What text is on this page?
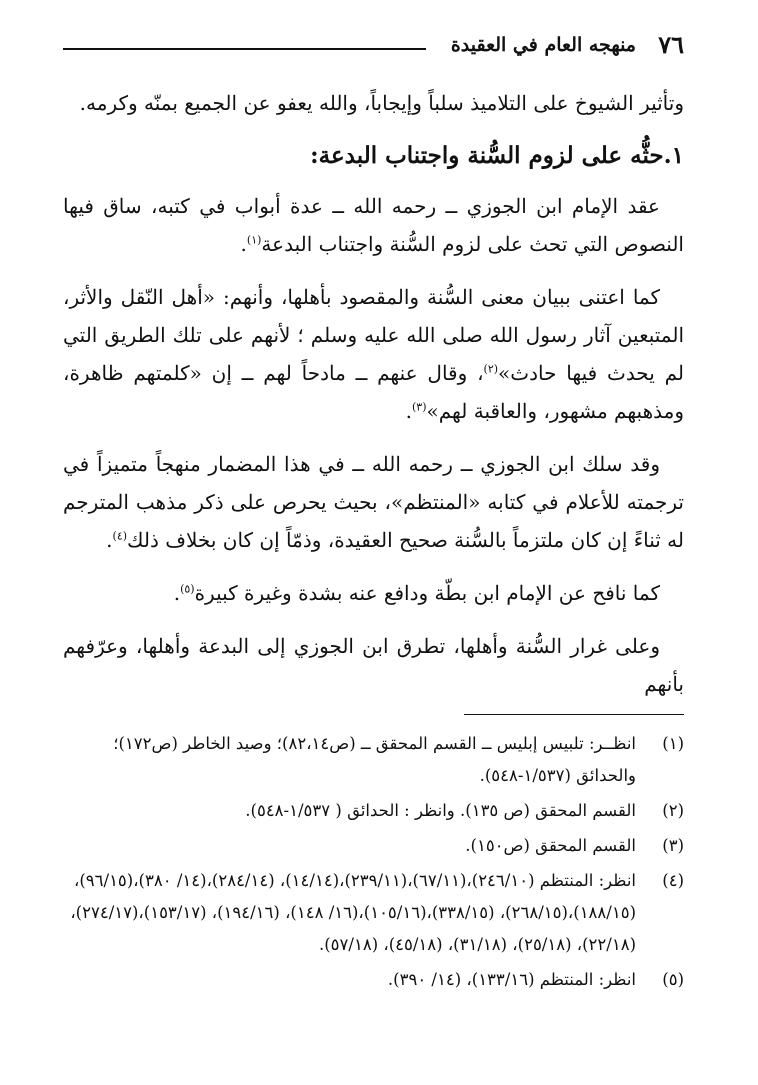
٧٦
منهجه العام في العقيدة

وتأثير الشيوخ على التلاميذ سلباً وإيجاباً، والله يعفو عن الجميع بمنّه وكرمه.

١.حثُّه على لزوم السُّنة واجتناب البدعة:

عقد الإمام ابن الجوزي ــ رحمه الله ــ عدة أبواب في كتبه، ساق فيها النصوص التي تحث على لزوم السُّنة واجتناب البدعة$^{(١)}$.

كما اعتنى ببيان معنى السُّنة والمقصود بأهلها، وأنهم: «أهل النّقل والأثر، المتبعين آثار رسول الله صلى الله عليه وسلم ؛ لأنهم على تلك الطريق التي لم يحدث فيها حادث»$^{(٢)}$، وقال عنهم ــ مادحاً لهم ــ إن «كلمتهم ظاهرة، ومذهبهم مشهور، والعاقبة لهم»$^{(٣)}$.

وقد سلك ابن الجوزي ــ رحمه الله ــ في هذا المضمار منهجاً متميزاً في ترجمته للأعلام في كتابه «المنتظم»، بحيث يحرص على ذكر مذهب المترجم له ثناءً إن كان ملتزماً بالسُّنة صحيح العقيدة، وذمّاً إن كان بخلاف ذلك$^{(٤)}$.

كما نافح عن الإمام ابن بطّة ودافع عنه بشدة وغيرة كبيرة$^{(٥)}$.

وعلى غرار السُّنة وأهلها، تطرق ابن الجوزي إلى البدعة وأهلها، وعرّفهم بأنهم

(١)
انظــر: تلبيس إبليس ــ القسم المحقق ــ (ص٨٢،١٤)؛ وصيد الخاطر (ص١٧٢)؛ والحدائق (١/٥٣٧-٥٤٨).
(٢)
القسم المحقق (ص ١٣٥). وانظر : الحدائق ( ١/٥٣٧-٥٤٨).
(٣)
القسم المحقق (ص١٥٠).
(٤)
انظر: المنتظم (٢٤٦/١٠)،(٦٧/١١)،(٢٣٩/١١)،(١٤/١٤)، (٢٨٤/١٤)،(١٤/ ٣٨٠)،(٩٦/١٥)،(١٨٨/١٥)،(٢٦٨/١٥)، (٣٣٨/١٥)،(١٠٥/١٦)،(١٦/ ١٤٨)، (١٩٤/١٦)، (١٥٣/١٧)،(٢٧٤/١٧)،(٢٢/١٨)، (٢٥/١٨)، (٣١/١٨)، (٤٥/١٨)، (٥٧/١٨).
(٥)
انظر: المنتظم (١٣٣/١٦)، (١٤/ ٣٩٠).
